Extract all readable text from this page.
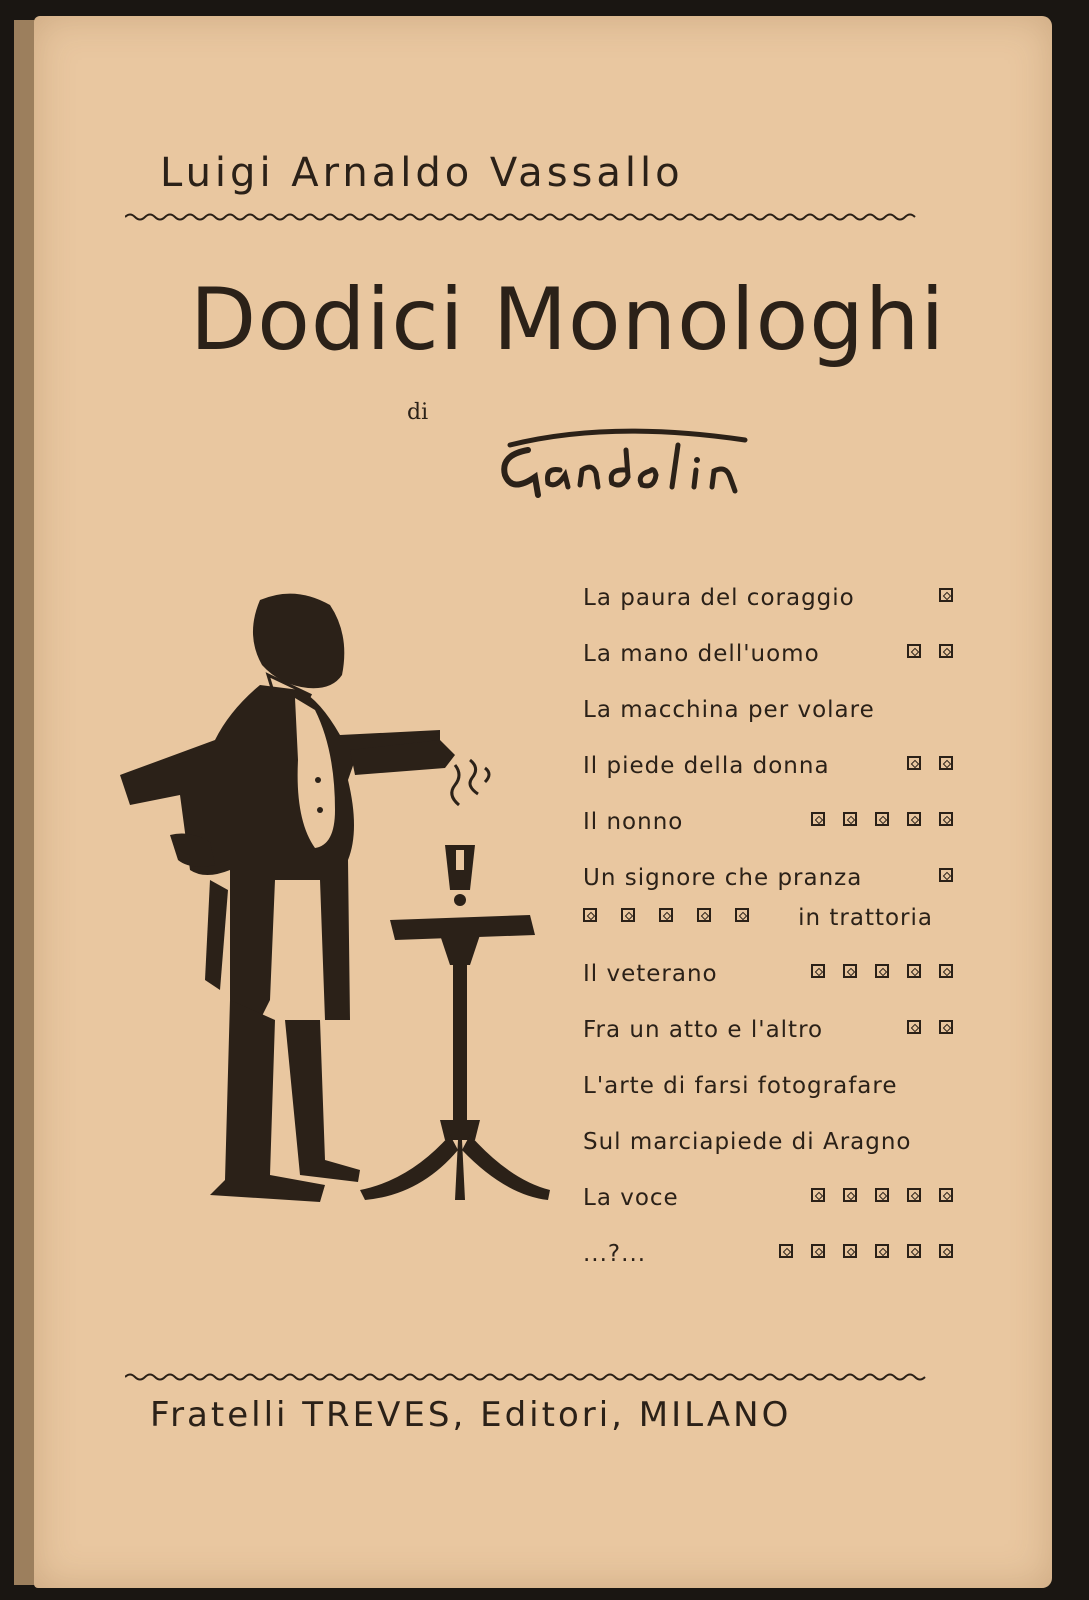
Luigi Arnaldo Vassallo
Dodici Monologhi
di
La paura del coraggio
La mano dell'uomo
La macchina per volare
Il piede della donna
Il nonno
Un signore che pranza
in trattoria
Il veterano
Fra un atto e l'altro
L'arte di farsi fotografare
Sul marciapiede di Aragno
La voce
...?...
Fratelli TREVES, Editori, MILANO
